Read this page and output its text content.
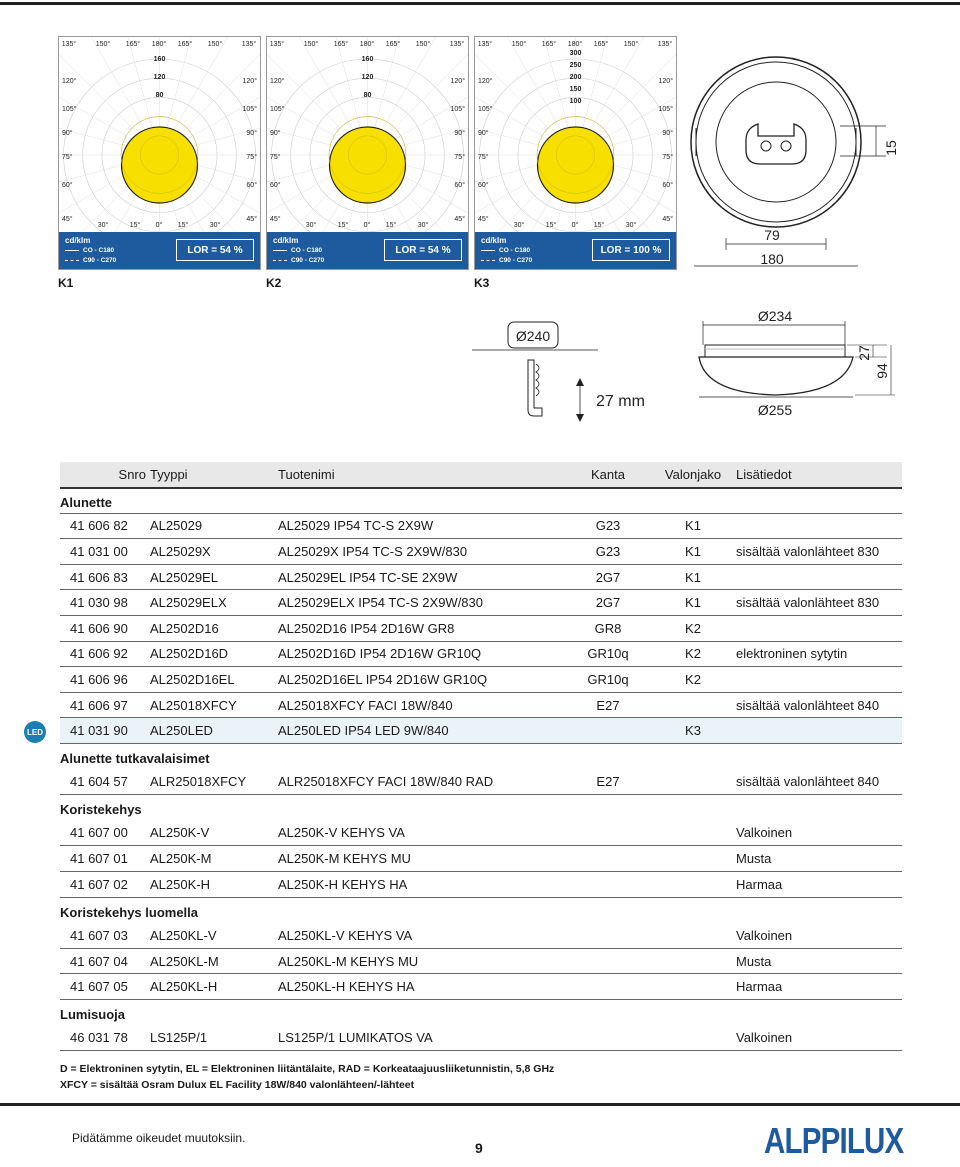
135°	150° 165° 180° 165° 150°	135°
120°
105°
90°
75°
60°
45°
120°
105°
90°
75°
60°
45°
30°	15° 0° 15°	30°
160
120
80
cd/klm
CO - C180
C90 - C270
LOR = 54 %
135°	150° 165° 180° 165° 150°	135°
120°
105°
90°
75°
60°
45°
120°
105°
90°
75°
60°
45°
30°	15° 0° 15°	30°
160
120
80
cd/klm
CO - C180
C90 - C270
LOR = 54 %
135°	150° 165° 180° 165° 150°	135°
120°
105°
90°
75°
60°
45°
120°
105°
90°
75°
60°
45°
30°	15° 0° 15°	30°
300
250
200
150
100
cd/klm
CO - C180
C90 - C270
LOR = 100 %
K1	K2	K3
15
79
180
Ø240
27 mm
Ø234
Ø255
27
94
Snro	Tyyppi	Tuotenimi	Kanta	Valonjako	Lisätiedot
Alunette					
41 606 82	AL25029	AL25029 IP54 TC-S 2X9W	G23	K1	
41 031 00	AL25029X	AL25029X IP54 TC-S 2X9W/830	G23	K1	sisältää valonlähteet 830
41 606 83	AL25029EL	AL25029EL IP54 TC-SE 2X9W	2G7	K1	
41 030 98	AL25029ELX	AL25029ELX IP54 TC-S 2X9W/830	2G7	K1	sisältää valonlähteet 830
41 606 90	AL2502D16	AL2502D16 IP54 2D16W GR8	GR8	K2	
41 606 92	AL2502D16D	AL2502D16D IP54 2D16W GR10Q	GR10q	K2	elektroninen sytytin
41 606 96	AL2502D16EL	AL2502D16EL IP54 2D16W GR10Q	GR10q	K2	
41 606 97	AL25018XFCY	AL25018XFCY FACI 18W/840	E27		sisältää valonlähteet 840
41 031 90	AL250LED	AL250LED IP54 LED 9W/840		K3	
Alunette tutkavalaisimet					
41 604 57	ALR25018XFCY	ALR25018XFCY FACI 18W/840 RAD	E27		sisältää valonlähteet 840
Koristekehys					
41 607 00	AL250K-V	AL250K-V KEHYS VA			Valkoinen
41 607 01	AL250K-M	AL250K-M KEHYS MU			Musta
41 607 02	AL250K-H	AL250K-H KEHYS HA			Harmaa
Koristekehys luomella					
41 607 03	AL250KL-V	AL250KL-V KEHYS VA			Valkoinen
41 607 04	AL250KL-M	AL250KL-M KEHYS MU			Musta
41 607 05	AL250KL-H	AL250KL-H KEHYS HA			Harmaa
Lumisuoja					
46 031 78	LS125P/1	LS125P/1 LUMIKATOS VA			Valkoinen
LED
D = Elektroninen sytytin, EL = Elektroninen liitäntälaite, RAD = Korkeataajuusliiketunnistin, 5,8 GHz
XFCY = sisältää Osram Dulux EL Facility 18W/840 valonlähteen/-lähteet
Pidätämme oikeudet muutoksiin.
9	ALPPILUX
